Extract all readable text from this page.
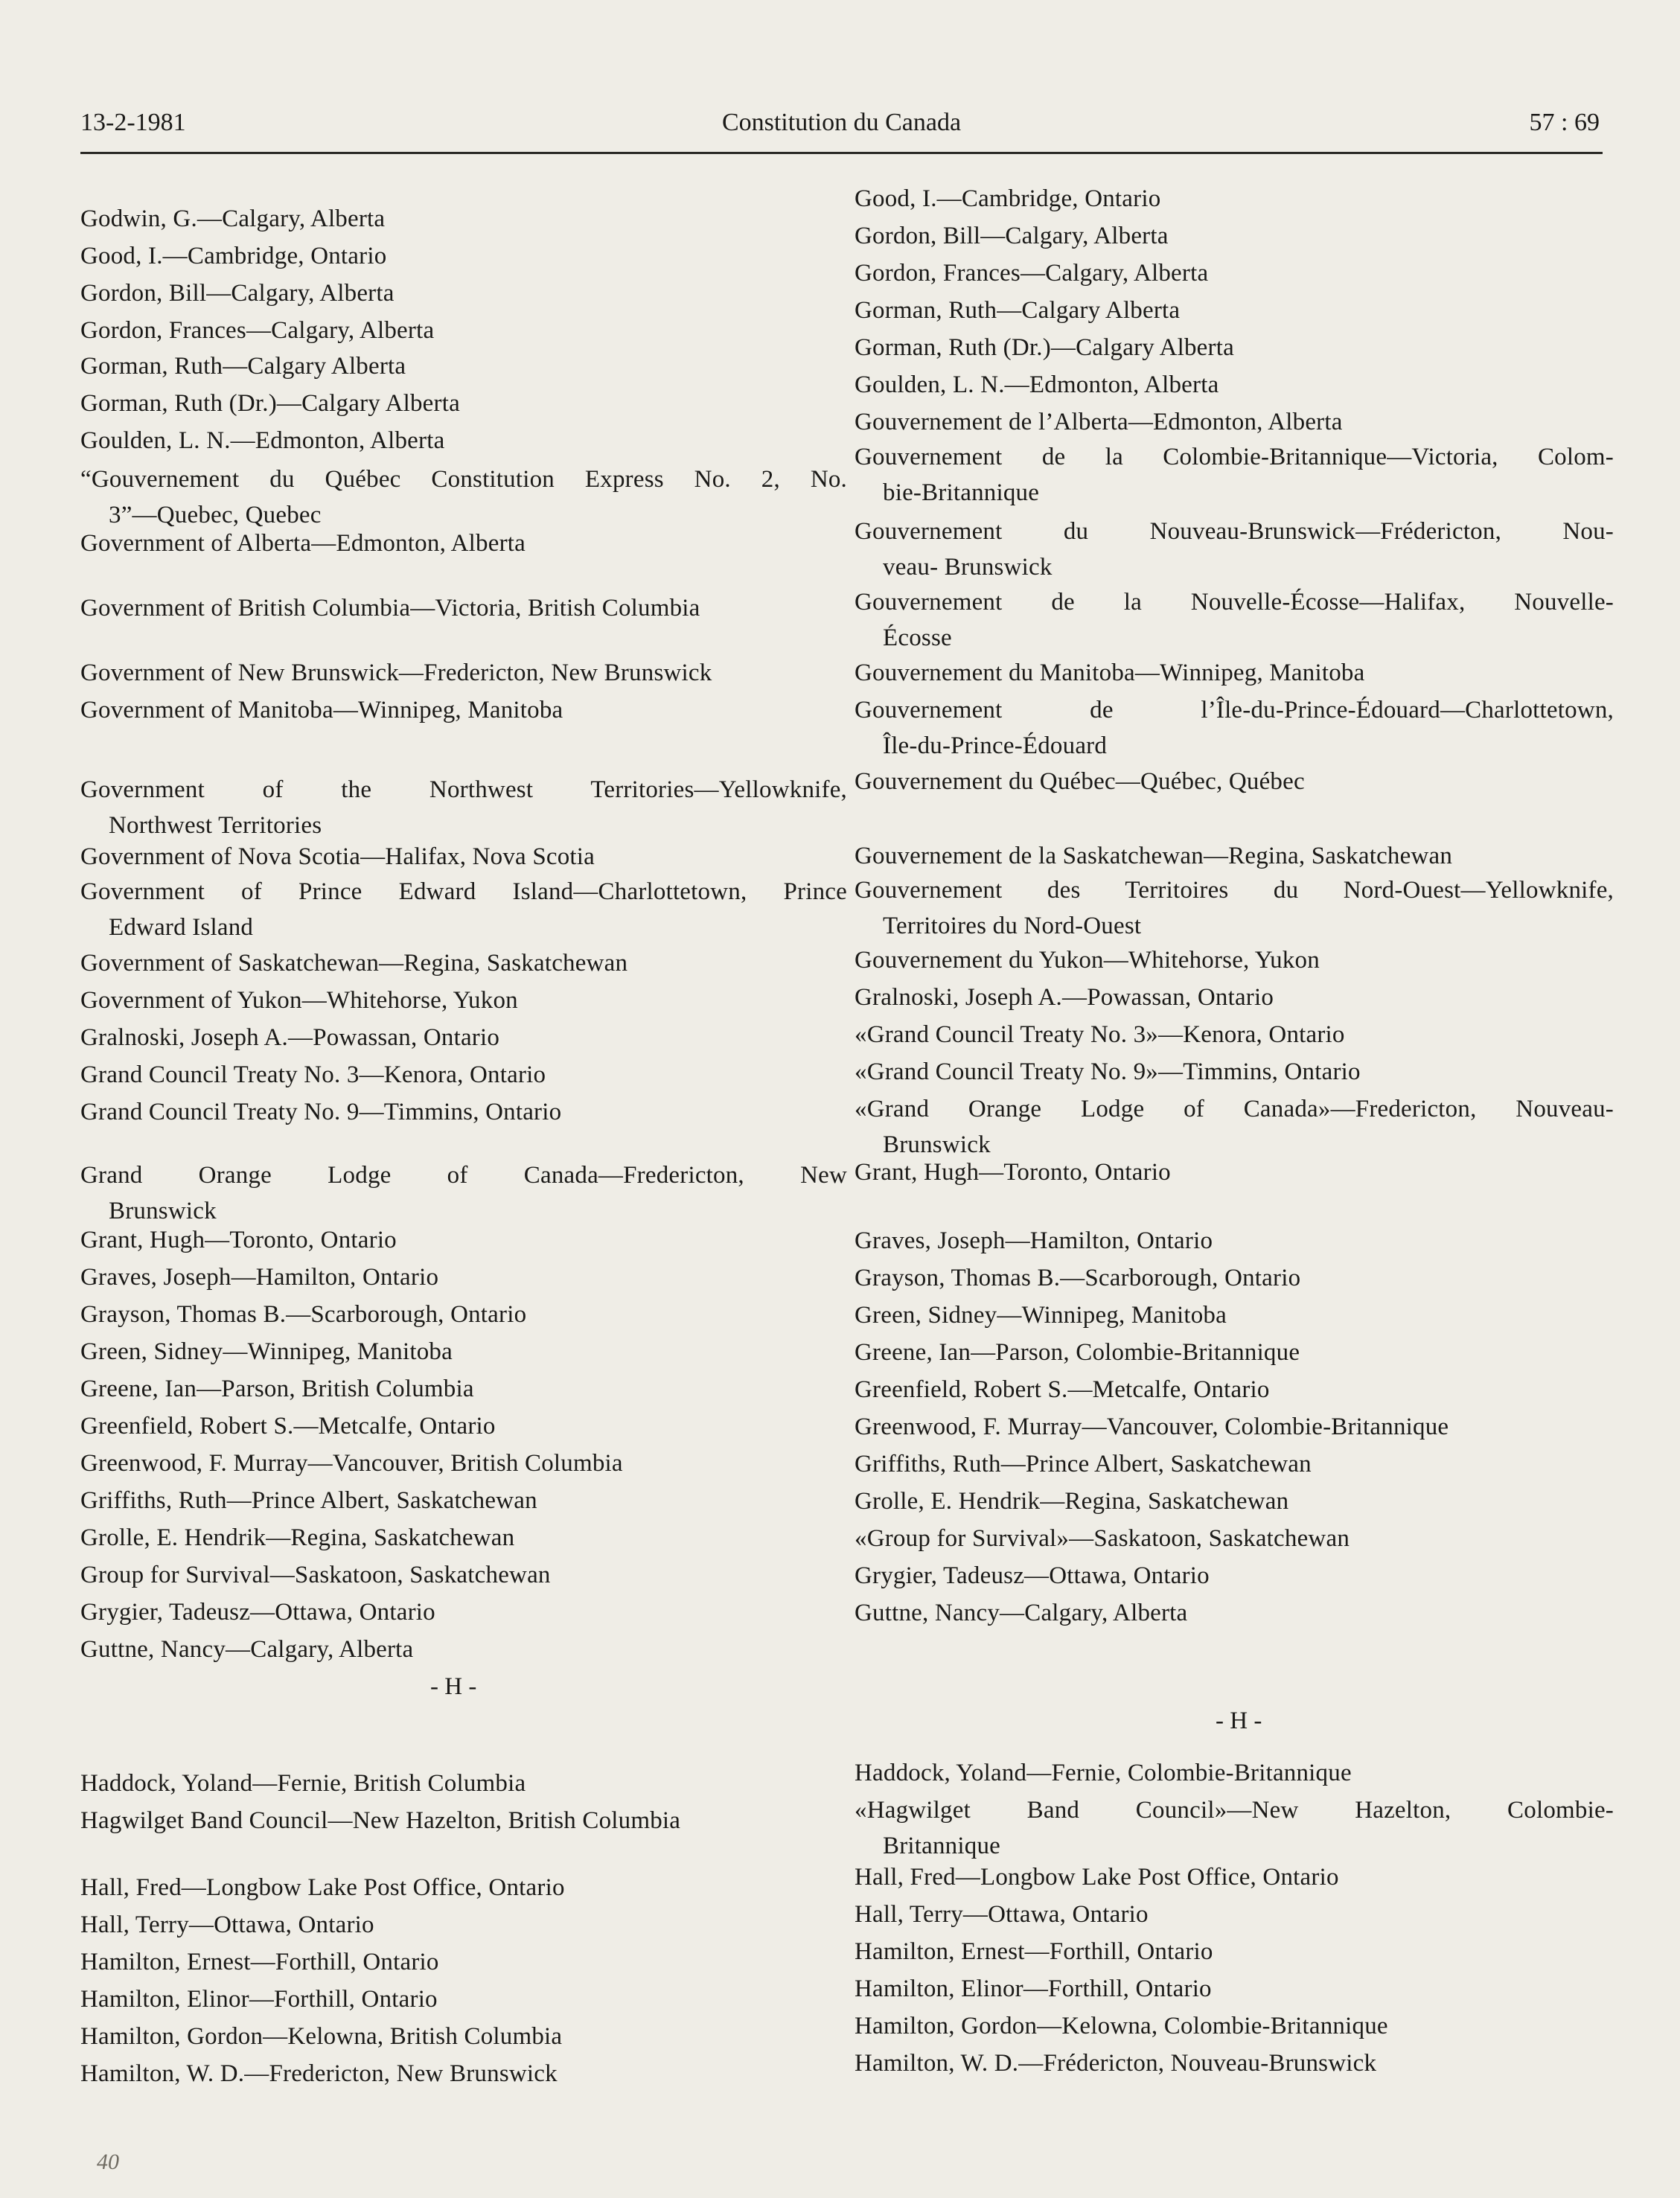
13-2-1981	Constitution du Canada	57 : 69
Godwin, G.—Calgary, Alberta
Good, I.—Cambridge, Ontario
Gordon, Bill—Calgary, Alberta
Gordon, Frances—Calgary, Alberta
Gorman, Ruth—Calgary Alberta
Gorman, Ruth (Dr.)—Calgary Alberta
Goulden, L. N.—Edmonton, Alberta
“Gouvernement du Québec Constitution Express No. 2, No.
3”—Quebec, Quebec
Government of Alberta—Edmonton, Alberta
Government of British Columbia—Victoria, British Columbia
Government of New Brunswick—Fredericton, New Brunswick
Government of Manitoba—Winnipeg, Manitoba
Government of the Northwest Territories—Yellowknife,
Northwest Territories
Government of Nova Scotia—Halifax, Nova Scotia
Government of Prince Edward Island—Charlottetown, Prince
Edward Island
Government of Saskatchewan—Regina, Saskatchewan
Government of Yukon—Whitehorse, Yukon
Gralnoski, Joseph A.—Powassan, Ontario
Grand Council Treaty No. 3—Kenora, Ontario
Grand Council Treaty No. 9—Timmins, Ontario
Grand Orange Lodge of Canada—Fredericton, New
Brunswick
Grant, Hugh—Toronto, Ontario
Graves, Joseph—Hamilton, Ontario
Grayson, Thomas B.—Scarborough, Ontario
Green, Sidney—Winnipeg, Manitoba
Greene, Ian—Parson, British Columbia
Greenfield, Robert S.—Metcalfe, Ontario
Greenwood, F. Murray—Vancouver, British Columbia
Griffiths, Ruth—Prince Albert, Saskatchewan
Grolle, E. Hendrik—Regina, Saskatchewan
Group for Survival—Saskatoon, Saskatchewan
Grygier, Tadeusz—Ottawa, Ontario
Guttne, Nancy—Calgary, Alberta
- H -
Haddock, Yoland—Fernie, British Columbia
Hagwilget Band Council—New Hazelton, British Columbia
Hall, Fred—Longbow Lake Post Office, Ontario
Hall, Terry—Ottawa, Ontario
Hamilton, Ernest—Forthill, Ontario
Hamilton, Elinor—Forthill, Ontario
Hamilton, Gordon—Kelowna, British Columbia
Hamilton, W. D.—Fredericton, New Brunswick
Good, I.—Cambridge, Ontario
Gordon, Bill—Calgary, Alberta
Gordon, Frances—Calgary, Alberta
Gorman, Ruth—Calgary Alberta
Gorman, Ruth (Dr.)—Calgary Alberta
Goulden, L. N.—Edmonton, Alberta
Gouvernement de l’Alberta—Edmonton, Alberta
Gouvernement de la Colombie-Britannique—Victoria, Colom-
bie-Britannique
Gouvernement du Nouveau-Brunswick—Frédericton, Nou-
veau- Brunswick
Gouvernement de la Nouvelle-Écosse—Halifax, Nouvelle-
Écosse
Gouvernement du Manitoba—Winnipeg, Manitoba
Gouvernement de l’Île-du-Prince-Édouard—Charlottetown,
Île-du-Prince-Édouard
Gouvernement du Québec—Québec, Québec
Gouvernement de la Saskatchewan—Regina, Saskatchewan
Gouvernement des Territoires du Nord-Ouest—Yellowknife,
Territoires du Nord-Ouest
Gouvernement du Yukon—Whitehorse, Yukon
Gralnoski, Joseph A.—Powassan, Ontario
«Grand Council Treaty No. 3»—Kenora, Ontario
«Grand Council Treaty No. 9»—Timmins, Ontario
«Grand Orange Lodge of Canada»—Fredericton, Nouveau-
Brunswick
Grant, Hugh—Toronto, Ontario
Graves, Joseph—Hamilton, Ontario
Grayson, Thomas B.—Scarborough, Ontario
Green, Sidney—Winnipeg, Manitoba
Greene, Ian—Parson, Colombie-Britannique
Greenfield, Robert S.—Metcalfe, Ontario
Greenwood, F. Murray—Vancouver, Colombie-Britannique
Griffiths, Ruth—Prince Albert, Saskatchewan
Grolle, E. Hendrik—Regina, Saskatchewan
«Group for Survival»—Saskatoon, Saskatchewan
Grygier, Tadeusz—Ottawa, Ontario
Guttne, Nancy—Calgary, Alberta
- H -
Haddock, Yoland—Fernie, Colombie-Britannique
«Hagwilget Band Council»—New Hazelton, Colombie-
Britannique
Hall, Fred—Longbow Lake Post Office, Ontario
Hall, Terry—Ottawa, Ontario
Hamilton, Ernest—Forthill, Ontario
Hamilton, Elinor—Forthill, Ontario
Hamilton, Gordon—Kelowna, Colombie-Britannique
Hamilton, W. D.—Frédericton, Nouveau-Brunswick
40
